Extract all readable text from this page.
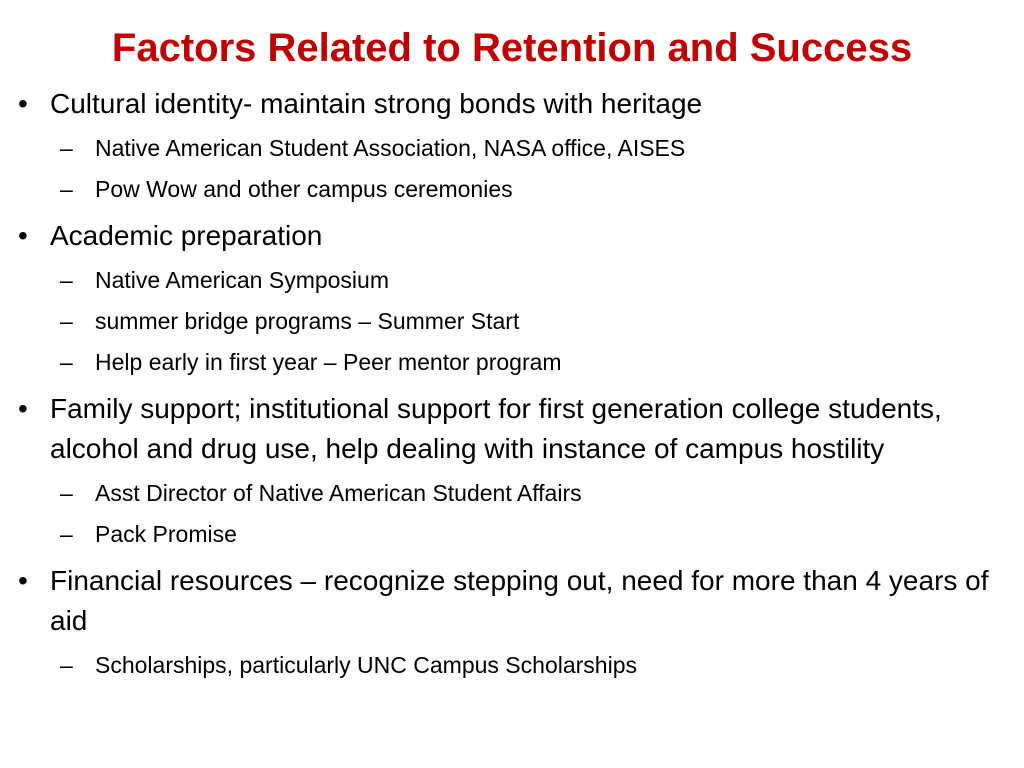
Factors Related to Retention and Success
• Cultural identity- maintain strong bonds with heritage
– Native American Student Association, NASA office, AISES
– Pow Wow and other campus ceremonies
• Academic preparation
– Native American Symposium
– summer bridge programs – Summer Start
– Help early in first year – Peer mentor program
• Family support; institutional support for first generation college students, alcohol and drug use, help dealing with instance of campus hostility
– Asst Director of Native American Student Affairs
– Pack Promise
• Financial resources – recognize stepping out, need for more than 4 years of aid
– Scholarships, particularly UNC Campus Scholarships
